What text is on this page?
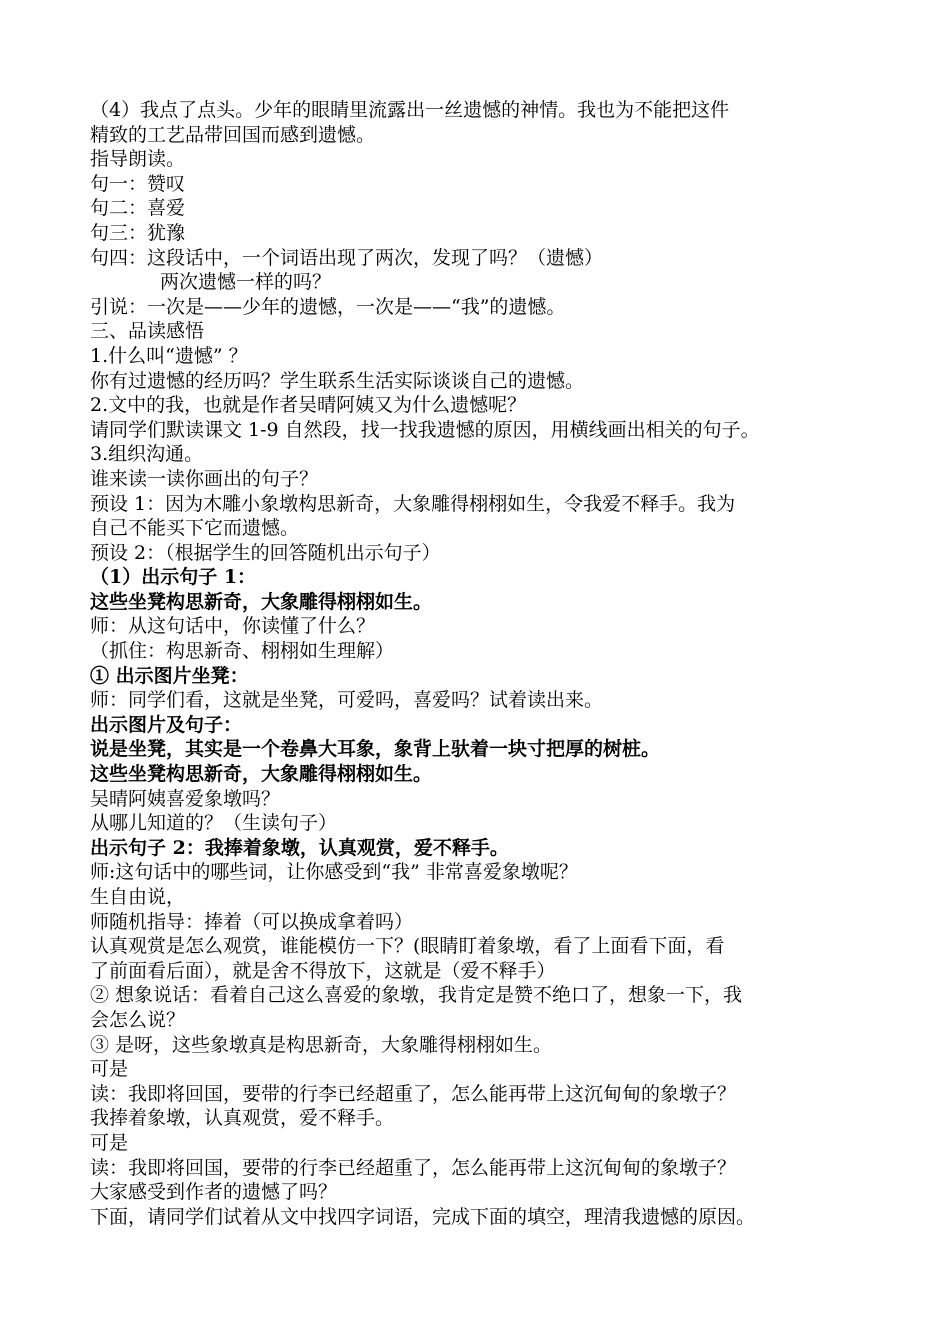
（4）我点了点头。少年的眼睛里流露出一丝遗憾的神情。我也为不能把这件
精致的工艺品带回国而感到遗憾。
指导朗读。
句一：赞叹
句二：喜爱
句三：犹豫
句四：这段话中，一个词语出现了两次，发现了吗？（遗憾）
两次遗憾一样的吗？
引说：一次是——少年的遗憾，一次是——“我”的遗憾。
三、品读感悟
1.什么叫“遗憾” ？
你有过遗憾的经历吗？学生联系生活实际谈谈自己的遗憾。
2.文中的我，也就是作者吴晴阿姨又为什么遗憾呢？
请同学们默读课文 1-9 自然段，找一找我遗憾的原因，用横线画出相关的句子。
3.组织沟通。
谁来读一读你画出的句子？
预设 1：因为木雕小象墩构思新奇，大象雕得栩栩如生，令我爱不释手。我为
自己不能买下它而遗憾。
预设 2：（根据学生的回答随机出示句子）
（1）出示句子 1：
这些坐凳构思新奇，大象雕得栩栩如生。
师：从这句话中，你读懂了什么？
（抓住：构思新奇、栩栩如生理解）
① 出示图片坐凳：
师：同学们看，这就是坐凳，可爱吗，喜爱吗？试着读出来。
出示图片及句子：
说是坐凳，其实是一个卷鼻大耳象，象背上驮着一块寸把厚的树桩。
这些坐凳构思新奇，大象雕得栩栩如生。
吴晴阿姨喜爱象墩吗？
从哪儿知道的？（生读句子）
出示句子 2：我捧着象墩，认真观赏，爱不释手。
师:这句话中的哪些词，让你感受到“我” 非常喜爱象墩呢？
生自由说，
师随机指导：捧着（可以换成拿着吗）
认真观赏是怎么观赏，谁能模仿一下？(眼睛盯着象墩，看了上面看下面，看
了前面看后面），就是舍不得放下，这就是（爱不释手）
② 想象说话：看着自己这么喜爱的象墩，我肯定是赞不绝口了，想象一下，我
会怎么说？
③ 是呀，这些象墩真是构思新奇，大象雕得栩栩如生。
可是
读：我即将回国，要带的行李已经超重了，怎么能再带上这沉甸甸的象墩子？
我捧着象墩，认真观赏，爱不释手。
可是
读：我即将回国，要带的行李已经超重了，怎么能再带上这沉甸甸的象墩子？
大家感受到作者的遗憾了吗？
下面，请同学们试着从文中找四字词语，完成下面的填空，理清我遗憾的原因。
